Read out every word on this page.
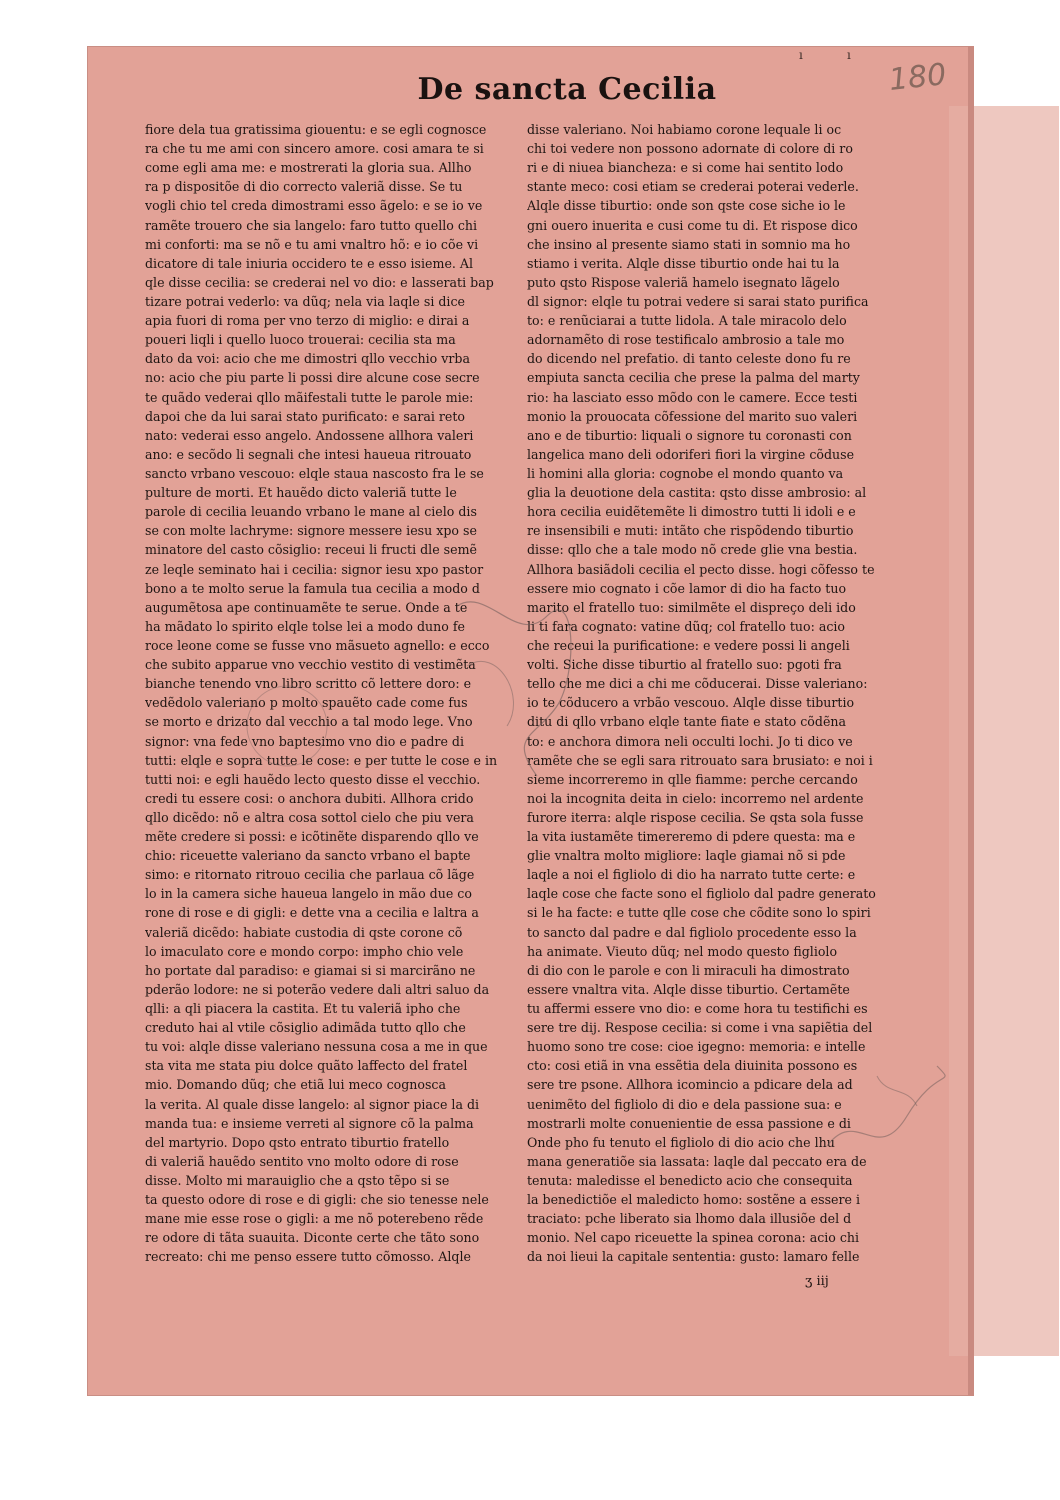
180
ı	ı
De sancta Cecilia
fiore dela tua gratissima giouentu: e se egli cognosce
ra che tu me ami con sincero amore. cosi amara te si
come egli ama me: e mostrerati la gloria sua. Allho
ra p dispositõe di dio correcto valeriã disse. Se tu
vogli chio tel creda dimostrami esso ãgelo: e se io ve
ramẽte trouero che sia langelo: faro tutto quello chi
mi conforti: ma se nõ e tu ami vnaltro hõ: e io cõe vi
dicatore di tale iniuria occidero te e esso isieme. Al
qle disse cecilia: se crederai nel vo dio: e lasserati bap
tizare potrai vederlo: va dũq; nela via laqle si dice
apia fuori di roma per vno terzo di miglio: e dirai a
poueri liqli i quello luoco trouerai: cecilia sta ma
dato da voi: acio che me dimostri qllo vecchio vrba
no: acio che piu parte li possi dire alcune cose secre
te quãdo vederai qllo mãifestali tutte le parole mie:
dapoi che da lui sarai stato purificato: e sarai reto
nato: vederai esso angelo. Andossene allhora valeri
ano: e secõdo li segnali che intesi haueua ritrouato
sancto vrbano vescouo: elqle staua nascosto fra le se
pulture de morti. Et hauẽdo dicto valeriã tutte le
parole di cecilia leuando vrbano le mane al cielo dis
se con molte lachryme: signore messere iesu xpo se
minatore del casto cõsiglio: receui li fructi dle semẽ
ze leqle seminato hai i cecilia: signor iesu xpo pastor
bono a te molto serue la famula tua cecilia a modo d
augumẽtosa ape continuamẽte te serue. Onde a te
ha mãdato lo spirito elqle tolse lei a modo duno fe
roce leone come se fusse vno mãsueto agnello: e ecco
che subito apparue vno vecchio vestito di vestimẽta
bianche tenendo vno libro scritto cõ lettere doro: e
vedẽdolo valeriano p molto spauẽto cade come fus
se morto e drizato dal vecchio a tal modo lege. Vno
signor: vna fede vno baptesimo vno dio e padre di
tutti: elqle e sopra tutte le cose: e per tutte le cose e in
tutti noi: e egli hauẽdo lecto questo disse el vecchio.
credi tu essere cosi: o anchora dubiti. Allhora crido
qllo dicẽdo: nõ e altra cosa sottol cielo che piu vera
mẽte credere si possi: e icõtinẽte disparendo qllo ve
chio: riceuette valeriano da sancto vrbano el bapte
simo: e ritornato ritrouo cecilia che parlaua cõ lãge
lo in la camera siche haueua langelo in mão due co
rone di rose e di gigli: e dette vna a cecilia e laltra a
valeriã dicẽdo: habiate custodia di qste corone cõ
lo imaculato core e mondo corpo: impho chio vele
ho portate dal paradiso: e giamai si si marcirãno ne
pderão lodore: ne si poterão vedere dali altri saluo da
qlli: a qli piacera la castita. Et tu valeriã ipho che
creduto hai al vtile cõsiglio adimãda tutto qllo che
tu voi: alqle disse valeriano nessuna cosa a me in que
sta vita me stata piu dolce quãto laffecto del fratel
mio. Domando dũq; che etiã lui meco cognosca
la verita. Al quale disse langelo: al signor piace la di
manda tua: e insieme verreti al signore cõ la palma
del martyrio. Dopo qsto entrato tiburtio fratello
di valeriã hauẽdo sentito vno molto odore di rose
disse. Molto mi marauiglio che a qsto tẽpo si se
ta questo odore di rose e di gigli: che sio tenesse nele
mane mie esse rose o gigli: a me nõ poterebeno rẽde
re odore di tãta suauita. Diconte certe che tãto sono
recreato: chi me penso essere tutto cõmosso. Alqle
disse valeriano. Noi habiamo corone lequale li oc
chi toi vedere non possono adornate di colore di ro
ri e di niuea biancheza: e si come hai sentito lodo
stante meco: cosi etiam se crederai poterai vederle.
Alqle disse tiburtio: onde son qste cose siche io le
gni ouero inuerita e cusi come tu di. Et rispose dico
che insino al presente siamo stati in somnio ma ho
stiamo i verita. Alqle disse tiburtio onde hai tu la
puto qsto Rispose valeriã hamelo isegnato lãgelo
dl signor: elqle tu potrai vedere si sarai stato purifica
to: e renũciarai a tutte lidola. A tale miracolo delo
adornamẽto di rose testificalo ambrosio a tale mo
do dicendo nel prefatio. di tanto celeste dono fu re
empiuta sancta cecilia che prese la palma del marty
rio: ha lasciato esso mõdo con le camere. Ecce testi
monio la prouocata cõfessione del marito suo valeri
ano e de tiburtio: liquali o signore tu coronasti con
langelica mano deli odoriferi fiori la virgine cõduse
li homini alla gloria: cognobe el mondo quanto va
glia la deuotione dela castita: qsto disse ambrosio: al
hora cecilia euidẽtemẽte li dimostro tutti li idoli e e
re insensibili e muti: intãto che rispõdendo tiburtio
disse: qllo che a tale modo nõ crede glie vna bestia.
Allhora basiãdoli cecilia el pecto disse. hogi cõfesso te
essere mio cognato i cõe lamor di dio ha facto tuo
marito el fratello tuo: similmẽte el dispreço deli ido
li ti fara cognato: vatine dũq; col fratello tuo: acio
che receui la purificatione: e vedere possi li angeli
volti. Siche disse tiburtio al fratello suo: pgoti fra
tello che me dici a chi me cõducerai. Disse valeriano:
io te cõducero a vrbão vescouo. Alqle disse tiburtio
ditu di qllo vrbano elqle tante fiate e stato cõdẽna
to: e anchora dimora neli occulti lochi. Jo ti dico ve
ramẽte che se egli sara ritrouato sara brusiato: e noi i
sieme incorreremo in qlle fiamme: perche cercando
noi la incognita deita in cielo: incorremo nel ardente
furore iterra: alqle rispose cecilia. Se qsta sola fusse
la vita iustamẽte timereremo di pdere questa: ma e
glie vnaltra molto migliore: laqle giamai nõ si pde
laqle a noi el figliolo di dio ha narrato tutte certe: e
laqle cose che facte sono el figliolo dal padre generato
si le ha facte: e tutte qlle cose che cõdite sono lo spiri
to sancto dal padre e dal figliolo procedente esso la
ha animate. Vieuto dũq; nel modo questo figliolo
di dio con le parole e con li miraculi ha dimostrato
essere vnaltra vita. Alqle disse tiburtio. Certamẽte
tu affermi essere vno dio: e come hora tu testifichi es
sere tre dij. Respose cecilia: si come i vna sapiẽtia del
huomo sono tre cose: cioe igegno: memoria: e intelle
cto: cosi etiã in vna essẽtia dela diuinita possono es
sere tre psone. Allhora icomincio a pdicare dela ad
uenimẽto del figliolo di dio e dela passione sua: e
mostrarli molte conuenientie de essa passione e di
Onde pho fu tenuto el figliolo di dio acio che lhu
mana generatiõe sia lassata: laqle dal peccato era de
tenuta: maledisse el benedicto acio che consequita
la benedictiõe el maledicto homo: sostẽne a essere i
traciato: pche liberato sia lhomo dala illusiõe del d
monio. Nel capo riceuette la spinea corona: acio chi
da noi lieui la capitale sententia: gusto: lamaro felle
ʒ iij
